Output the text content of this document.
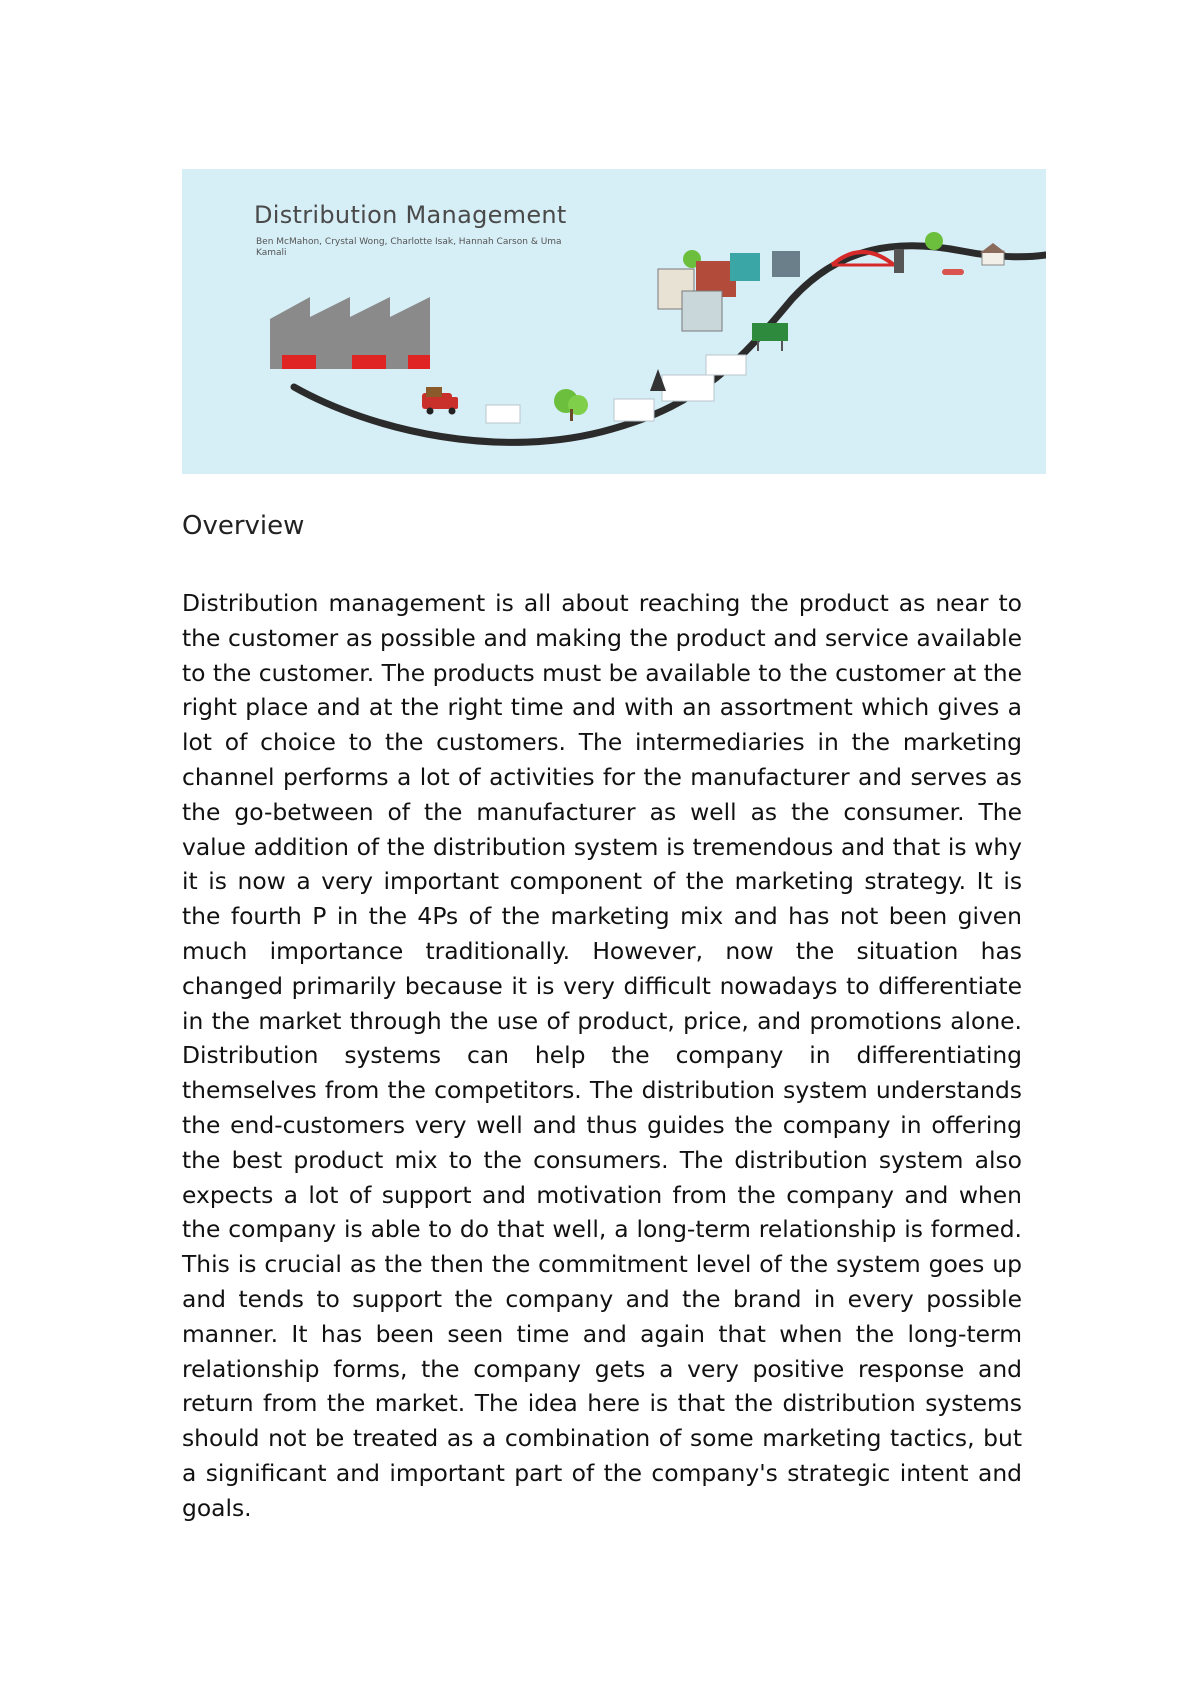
Distribution Management
Ben McMahon, Crystal Wong, Charlotte Isak, Hannah Carson & Uma Kamali
Overview

Distribution management is all about reaching the product as near to the customer as possible and making the product and service available to the customer. The products must be available to the customer at the right place and at the right time and with an assortment which gives a lot of choice to the customers. The intermediaries in the marketing channel performs a lot of activities for the manufacturer and serves as the go-between of the manufacturer as well as the consumer. The value addition of the distribution system is tremendous and that is why it is now a very important component of the marketing strategy. It is the fourth P in the 4Ps of the marketing mix and has not been given much importance traditionally. However, now the situation has changed primarily because it is very difficult nowadays to differentiate in the market through the use of product, price, and promotions alone. Distribution systems can help the company in differentiating themselves from the competitors. The distribution system understands the end-customers very well and thus guides the company in offering the best product mix to the consumers. The distribution system also expects a lot of support and motivation from the company and when the company is able to do that well, a long-term relationship is formed. This is crucial as the then the commitment level of the system goes up and tends to support the company and the brand in every possible manner. It has been seen time and again that when the long-term relationship forms, the company gets a very positive response and return from the market. The idea here is that the distribution systems should not be treated as a combination of some marketing tactics, but a significant and important part of the company's strategic intent and goals.
